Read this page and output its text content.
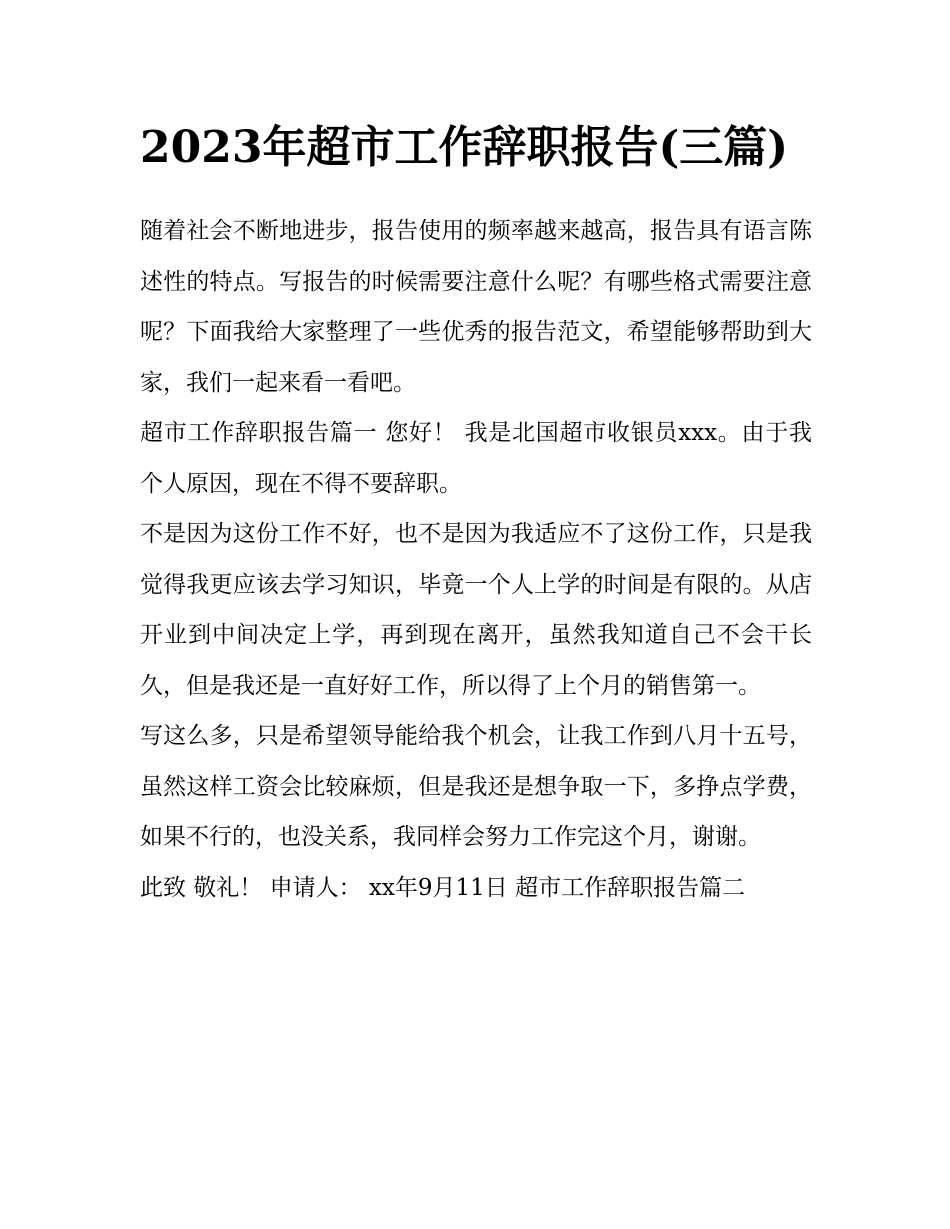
2023年超市工作辞职报告(三篇)

随着社会不断地进步，报告使用的频率越来越高，报告具有语言陈述性的特点。写报告的时候需要注意什么呢？有哪些格式需要注意呢？下面我给大家整理了一些优秀的报告范文，希望能够帮助到大家，我们一起来看一看吧。

超市工作辞职报告篇一 您好！ 我是北国超市收银员xxx。由于我个人原因，现在不得不要辞职。

不是因为这份工作不好，也不是因为我适应不了这份工作，只是我觉得我更应该去学习知识，毕竟一个人上学的时间是有限的。从店开业到中间决定上学，再到现在离开，虽然我知道自己不会干长久，但是我还是一直好好工作，所以得了上个月的销售第一。

写这么多，只是希望领导能给我个机会，让我工作到八月十五号，虽然这样工资会比较麻烦，但是我还是想争取一下，多挣点学费，如果不行的，也没关系，我同样会努力工作完这个月，谢谢。

此致 敬礼！ 申请人： xx年9月11日 超市工作辞职报告篇二
